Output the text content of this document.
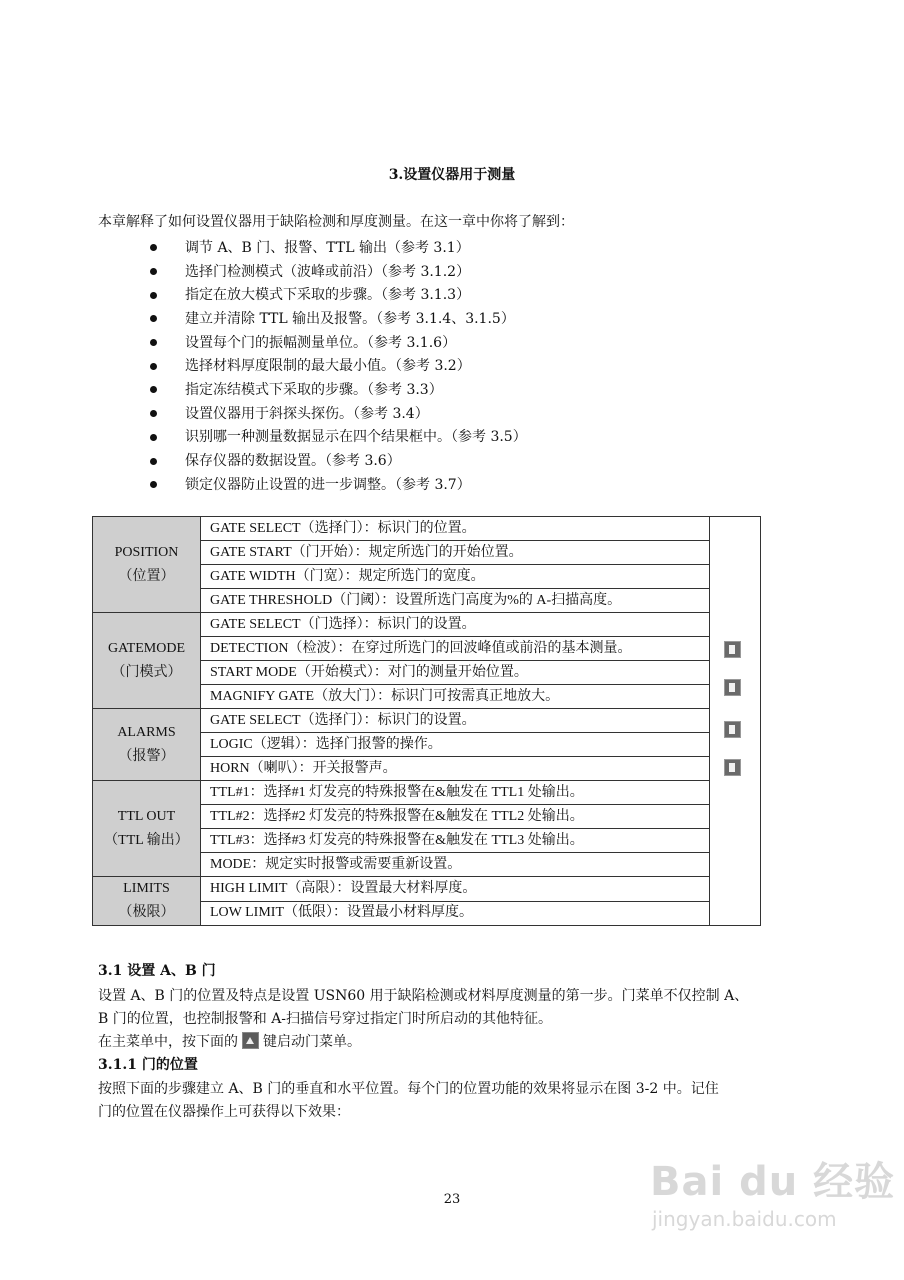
3.设置仪器用于测量
本章解释了如何设置仪器用于缺陷检测和厚度测量。在这一章中你将了解到：
调节 A、B 门、报警、TTL 输出（参考 3.1）
选择门检测模式（波峰或前沿）（参考 3.1.2）
指定在放大模式下采取的步骤。（参考 3.1.3）
建立并清除 TTL 输出及报警。（参考 3.1.4、3.1.5）
设置每个门的振幅测量单位。（参考 3.1.6）
选择材料厚度限制的最大最小值。（参考 3.2）
指定冻结模式下采取的步骤。（参考 3.3）
设置仪器用于斜探头探伤。（参考 3.4）
识别哪一种测量数据显示在四个结果框中。（参考 3.5）
保存仪器的数据设置。（参考 3.6）
锁定仪器防止设置的进一步调整。（参考 3.7）
POSITION
（位置）	GATE SELECT（选择门）：标识门的位置。	

	GATE START（门开始）：规定所选门的开始位置。	
	GATE WIDTH（门宽）：规定所选门的宽度。	
	GATE THRESHOLD（门阈）：设置所选门高度为%的 A-扫描高度。	

GATEMODE
（门模式）	GATE SELECT（门选择）：标识门的设置。	
	DETECTION（检波）：在穿过所选门的回波峰值或前沿的基本测量。	
	START MODE（开始模式）：对门的测量开始位置。	
	MAGNIFY GATE（放大门）：标识门可按需真正地放大。	

ALARMS
（报警）	GATE SELECT（选择门）：标识门的设置。	
	LOGIC（逻辑）：选择门报警的操作。	
	HORN（喇叭）：开关报警声。	

TTL OUT
（TTL 输出）	TTL#1：选择#1 灯发亮的特殊报警在&触发在 TTL1 处输出。	
	TTL#2：选择#2 灯发亮的特殊报警在&触发在 TTL2 处输出。	
	TTL#3：选择#3 灯发亮的特殊报警在&触发在 TTL3 处输出。	
	MODE：规定实时报警或需要重新设置。	

LIMITS
（极限）	HIGH LIMIT（高限）：设置最大材料厚度。	
	LOW LIMIT（低限）：设置最小材料厚度。	
3.1 设置 A、B 门
设置 A、B 门的位置及特点是设置 USN60 用于缺陷检测或材料厚度测量的第一步。门菜单不仅控制 A、
B 门的位置，也控制报警和 A-扫描信号穿过指定门时所启动的其他特征。
在主菜单中，按下面的 键启动门菜单。
3.1.1 门的位置
按照下面的步骤建立 A、B 门的垂直和水平位置。每个门的位置功能的效果将显示在图 3-2 中。记住
门的位置在仪器操作上可获得以下效果：
23	Bai du 经验
jingyan.baidu.com
